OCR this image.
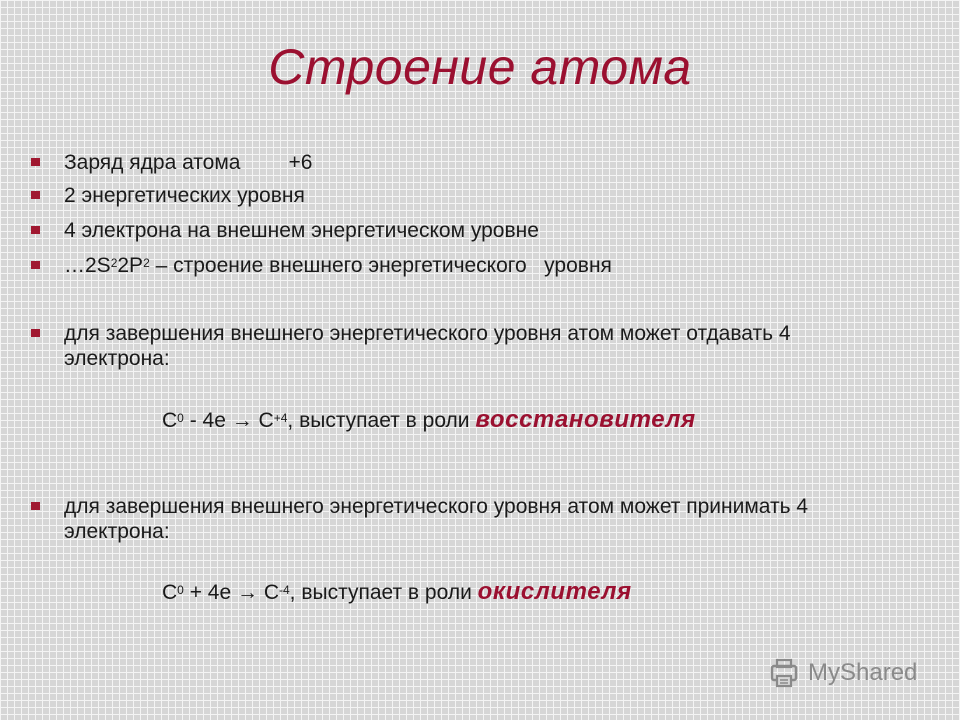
Строение атома
Заряд ядра атома +6
2 энергетических уровня
4 электрона на внешнем энергетическом уровне
$\dots 2S^22P^2$ – строение внешнего энергетического   уровня
для завершения внешнего энергетического уровня атом может отдавать 4 электрона:
$C^0 - 4e \to C^{+4}$, выступает в роли восстановителя
для завершения внешнего энергетического уровня атом может принимать 4 электрона:
$C^0 + 4e \to C^{-4}$, выступает в роли окислителя
MyShared
